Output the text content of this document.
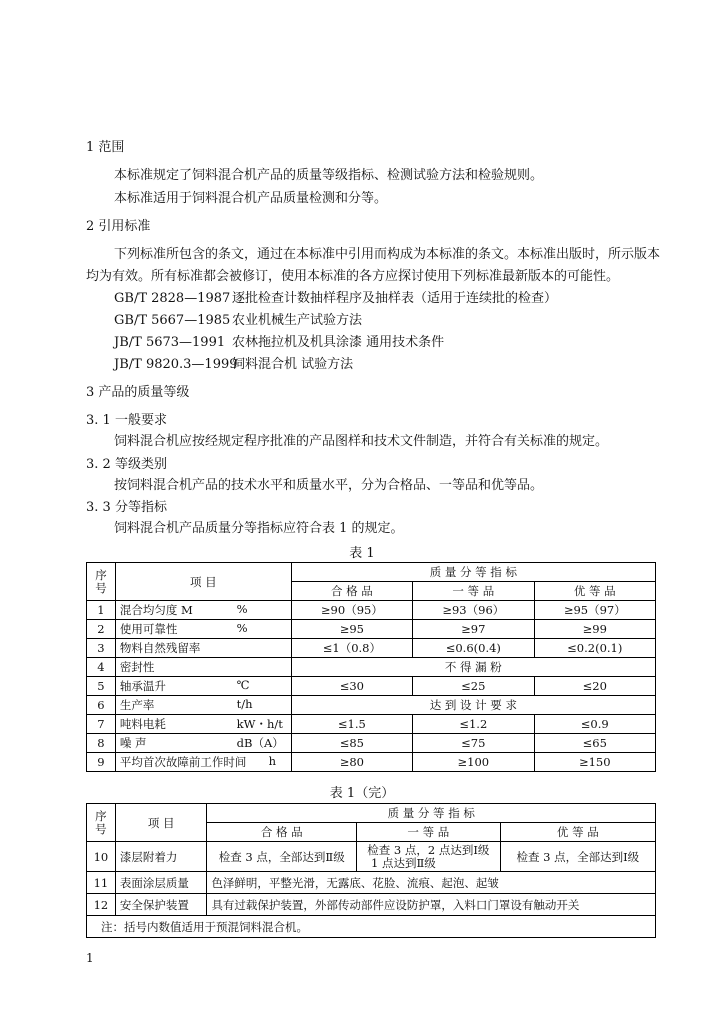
1 范围
本标准规定了饲料混合机产品的质量等级指标、检测试验方法和检验规则。
本标准适用于饲料混合机产品质量检测和分等。
2 引用标准
下列标准所包含的条文，通过在本标准中引用而构成为本标准的条文。本标准出版时，所示版本
均为有效。所有标准都会被修订，使用本标准的各方应探讨使用下列标准最新版本的可能性。
GB/T 2828—1987 逐批检查计数抽样程序及抽样表（适用于连续批的检查）
GB/T 5667—1985 农业机械生产试验方法
JB/T 5673—1991 农林拖拉机及机具涂漆 通用技术条件
JB/T 9820.3—1999饲料混合机 试验方法
3 产品的质量等级
3. 1 一般要求
饲料混合机应按经规定程序批准的产品图样和技术文件制造，并符合有关标准的规定。
3. 2 等级类别
按饲料混合机产品的技术水平和质量水平，分为合格品、一等品和优等品。
3. 3 分等指标
饲料混合机产品质量分等指标应符合表 1 的规定。
表 1
序号	项 目	质 量 分 等 指 标		
		合 格 品	一 等 品	优 等 品
1	混合均匀度 M %	≥90（95）	≥93（96）	≥95（97）
2	使用可靠性 %	≥95	≥97	≥99
3	物料自然残留率	≤1（0.8）	≤0.6(0.4)	≤0.2(0.1)
4	密封性	不 得 漏 粉		
5	轴承温升 ℃	≤30	≤25	≤20
6	生产率 t/h	达 到 设 计 要 求		
7	吨料电耗 kW・h/t	≤1.5	≤1.2	≤0.9
8	噪 声 dB（A）	≤85	≤75	≤65
9	平均首次故障前工作时间 h	≥80	≥100	≥150
表 1（完）
序号	项 目	质 量 分 等 指 标		
		合 格 品	一 等 品	优 等 品
10	漆层附着力	检查 3 点，全部达到Ⅱ级	检查 3 点，2 点达到Ⅰ级
1 点达到Ⅱ级	检查 3 点，全部达到Ⅰ级
11	表面涂层质量	色泽鲜明，平整光滑，无露底、花脸、流痕、起泡、起皱		
12	安全保护装置	具有过载保护装置，外部传动部件应设防护罩，入料口门罩设有触动开关		
注：括号内数值适用于预混饲料混合机。				
1
